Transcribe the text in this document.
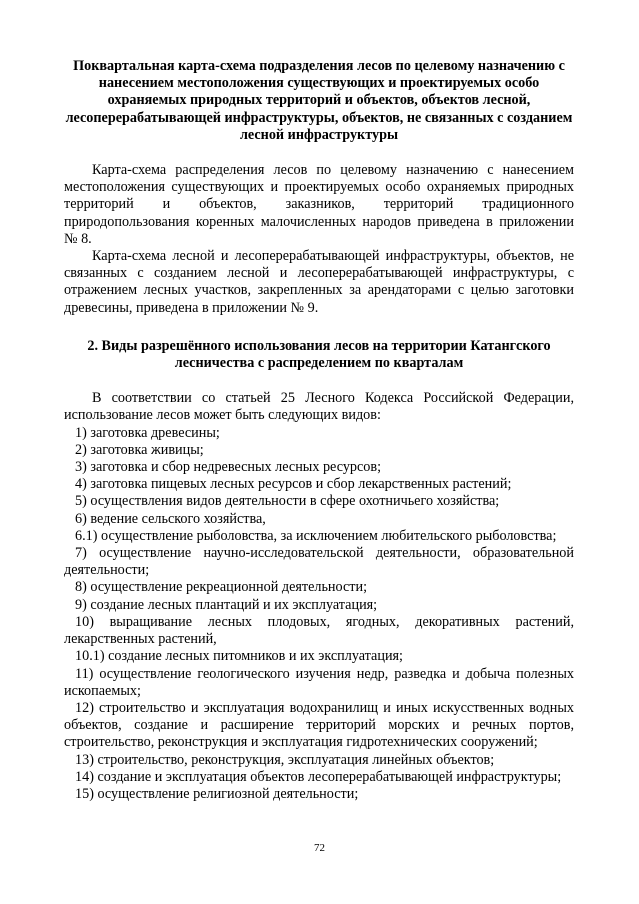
Поквартальная карта-схема подразделения лесов по целевому назначению с нанесением местоположения существующих и проектируемых особо охраняемых природных территорий и объектов, объектов лесной, лесоперерабатывающей инфраструктуры, объектов, не связанных с созданием лесной инфраструктуры

Карта-схема распределения лесов по целевому назначению с нанесением местоположения существующих и проектируемых особо охраняемых природных территорий и объектов, заказников, территорий традиционного природопользования коренных малочисленных народов приведена в приложении № 8.

Карта-схема лесной и лесоперерабатывающей инфраструктуры, объектов, не связанных с созданием лесной и лесоперерабатывающей инфраструктуры, с отражением лесных участков, закрепленных за арендаторами с целью заготовки древесины, приведена в приложении № 9.

2. Виды разрешённого использования лесов на территории Катангского лесничества с распределением по кварталам

В соответствии со статьей 25 Лесного Кодекса Российской Федерации, использование лесов может быть следующих видов:

1) заготовка древесины;

2) заготовка живицы;

3) заготовка и сбор недревесных лесных ресурсов;

4) заготовка пищевых лесных ресурсов и сбор лекарственных растений;

5) осуществления видов деятельности в сфере охотничьего хозяйства;

6) ведение сельского хозяйства,

6.1) осуществление рыболовства, за исключением любительского рыболовства;

7) осуществление научно-исследовательской деятельности, образовательной деятельности;

8) осуществление рекреационной деятельности;

9) создание лесных плантаций и их эксплуатация;

10) выращивание лесных плодовых, ягодных, декоративных растений, лекарственных растений,

10.1) создание лесных питомников и их эксплуатация;

11) осуществление геологического изучения недр, разведка и добыча полезных ископаемых;

12) строительство и эксплуатация водохранилищ и иных искусственных водных объектов, создание и расширение территорий морских и речных портов, строительство, реконструкция и эксплуатация гидротехнических сооружений;

13) строительство, реконструкция, эксплуатация линейных объектов;

14) создание и эксплуатация объектов лесоперерабатывающей инфраструктуры;

15) осуществление религиозной деятельности;

72
